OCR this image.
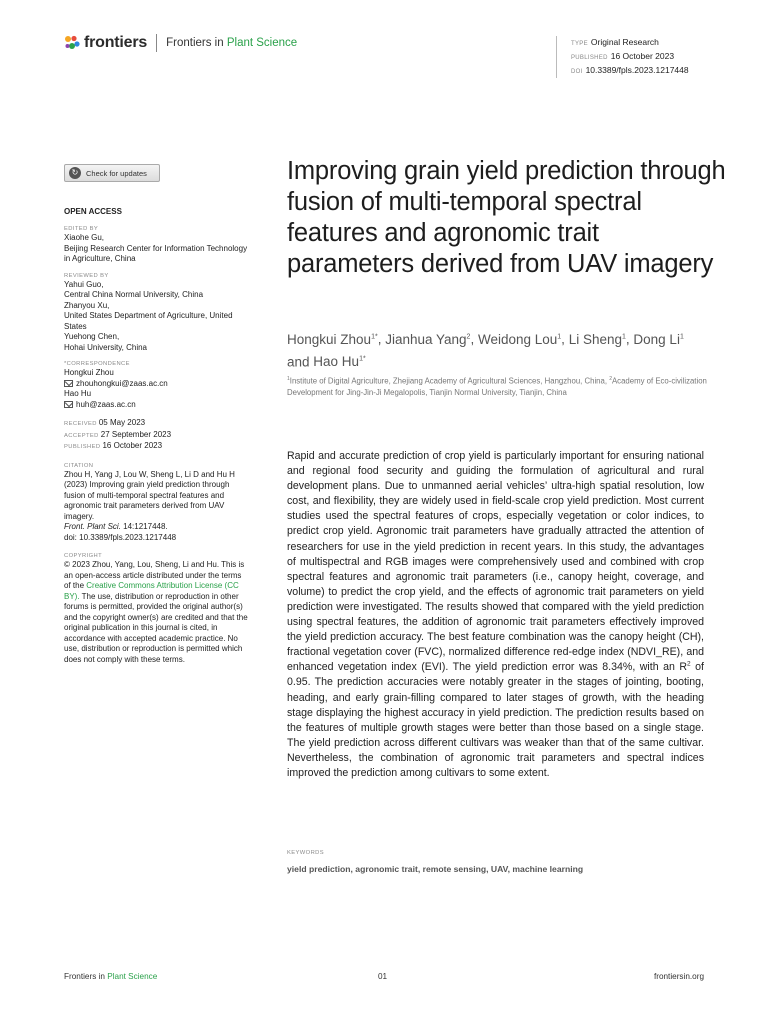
frontiers Frontiers in Plant Science	TYPE Original Research
PUBLISHED 16 October 2023
DOI 10.3389/fpls.2023.1217448
↻	Check for updates
OPEN ACCESS
EDITED BY
Xiaohe Gu,
Beijing Research Center for Information Technology in Agriculture, China
REVIEWED BY
Yahui Guo,
Central China Normal University, China
Zhanyou Xu,
United States Department of Agriculture, United States
Yuehong Chen,
Hohai University, China
*CORRESPONDENCE
Hongkui Zhou
zhouhongkui@zaas.ac.cn
Hao Hu
huh@zaas.ac.cn
RECEIVED 05 May 2023
ACCEPTED 27 September 2023
PUBLISHED 16 October 2023
CITATION
Zhou H, Yang J, Lou W, Sheng L, Li D and Hu H (2023) Improving grain yield prediction through fusion of multi-temporal spectral features and agronomic trait parameters derived from UAV imagery.
Front. Plant Sci. 14:1217448.
doi: 10.3389/fpls.2023.1217448
COPYRIGHT
© 2023 Zhou, Yang, Lou, Sheng, Li and Hu. This is an open-access article distributed under the terms of the Creative Commons Attribution License (CC BY). The use, distribution or reproduction in other forums is permitted, provided the original author(s) and the copyright owner(s) are credited and that the original publication in this journal is cited, in accordance with accepted academic practice. No use, distribution or reproduction is permitted which does not comply with these terms.
Improving grain yield prediction through fusion of multi-temporal spectral features and agronomic trait parameters derived from UAV imagery
Hongkui Zhou$^{1*}$, Jianhua Yang$^2$, Weidong Lou$^1$, Li Sheng$^1$, Dong Li$^1$ and Hao $Hu^{1*}$
$^1$Institute of Digital Agriculture, Zhejiang Academy of Agricultural Sciences, Hangzhou, China, $^2$Academy of Eco-civilization Development for Jing-Jin-Ji Megalopolis, Tianjin Normal University, Tianjin, China
Rapid and accurate prediction of crop yield is particularly important for ensuring national and regional food security and guiding the formulation of agricultural and rural development plans. Due to unmanned aerial vehicles’ ultra-high spatial resolution, low cost, and flexibility, they are widely used in field-scale crop yield prediction. Most current studies used the spectral features of crops, especially vegetation or color indices, to predict crop yield. Agronomic trait parameters have gradually attracted the attention of researchers for use in the yield prediction in recent years. In this study, the advantages of multispectral and RGB images were comprehensively used and combined with crop spectral features and agronomic trait parameters (i.e., canopy height, coverage, and volume) to predict the crop yield, and the effects of agronomic trait parameters on yield prediction were investigated. The results showed that compared with the yield prediction using spectral features, the addition of agronomic trait parameters effectively improved the yield prediction accuracy. The best feature combination was the canopy height (CH), fractional vegetation cover (FVC), normalized difference red-edge index (NDVI_RE), and enhanced vegetation index (EVI). The yield prediction error was 8.34%, with an $R^2$ of 0.95. The prediction accuracies were notably greater in the stages of jointing, booting, heading, and early grain-filling compared to later stages of growth, with the heading stage displaying the highest accuracy in yield prediction. The prediction results based on the features of multiple growth stages were better than those based on a single stage. The yield prediction across different cultivars was weaker than that of the same cultivar. Nevertheless, the combination of agronomic trait parameters and spectral indices improved the prediction among cultivars to some extent.
KEYWORDS
yield prediction, agronomic trait, remote sensing, UAV, machine learning
Frontiers in Plant Science	01	frontiersin.org
